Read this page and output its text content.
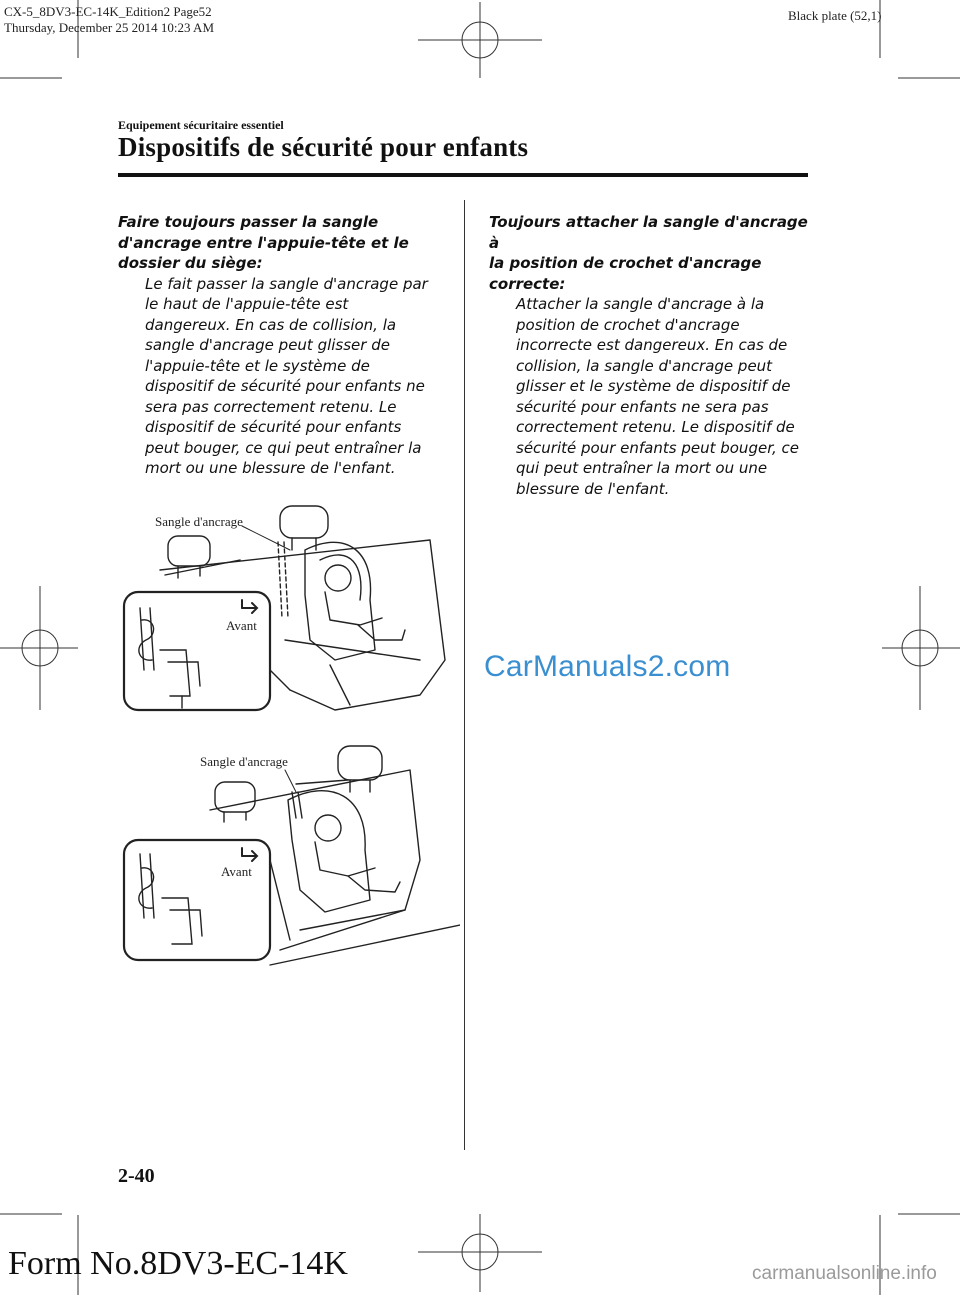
CX-5_8DV3-EC-14K_Edition2 Page52
Thursday, December 25 2014 10:23 AM
Black plate (52,1)
Equipement sécuritaire essentiel
Dispositifs de sécurité pour enfants
Faire toujours passer la sangle
d'ancrage entre l'appuie-tête et le
dossier du siège:
Le fait passer la sangle d'ancrage par
le haut de l'appuie-tête est
dangereux. En cas de collision, la
sangle d'ancrage peut glisser de
l'appuie-tête et le système de
dispositif de sécurité pour enfants ne
sera pas correctement retenu. Le
dispositif de sécurité pour enfants
peut bouger, ce qui peut entraîner la
mort ou une blessure de l'enfant.
Toujours attacher la sangle d'ancrage à
la position de crochet d'ancrage
correcte:
Attacher la sangle d'ancrage à la
position de crochet d'ancrage
incorrecte est dangereux. En cas de
collision, la sangle d'ancrage peut
glisser et le système de dispositif de
sécurité pour enfants ne sera pas
correctement retenu. Le dispositif de
sécurité pour enfants peut bouger, ce
qui peut entraîner la mort ou une
blessure de l'enfant.
Sangle d'ancrage
Avant
Sangle d'ancrage
Avant
CarManuals2.com
2-40
Form No.8DV3-EC-14K	carmanualsonline.info
